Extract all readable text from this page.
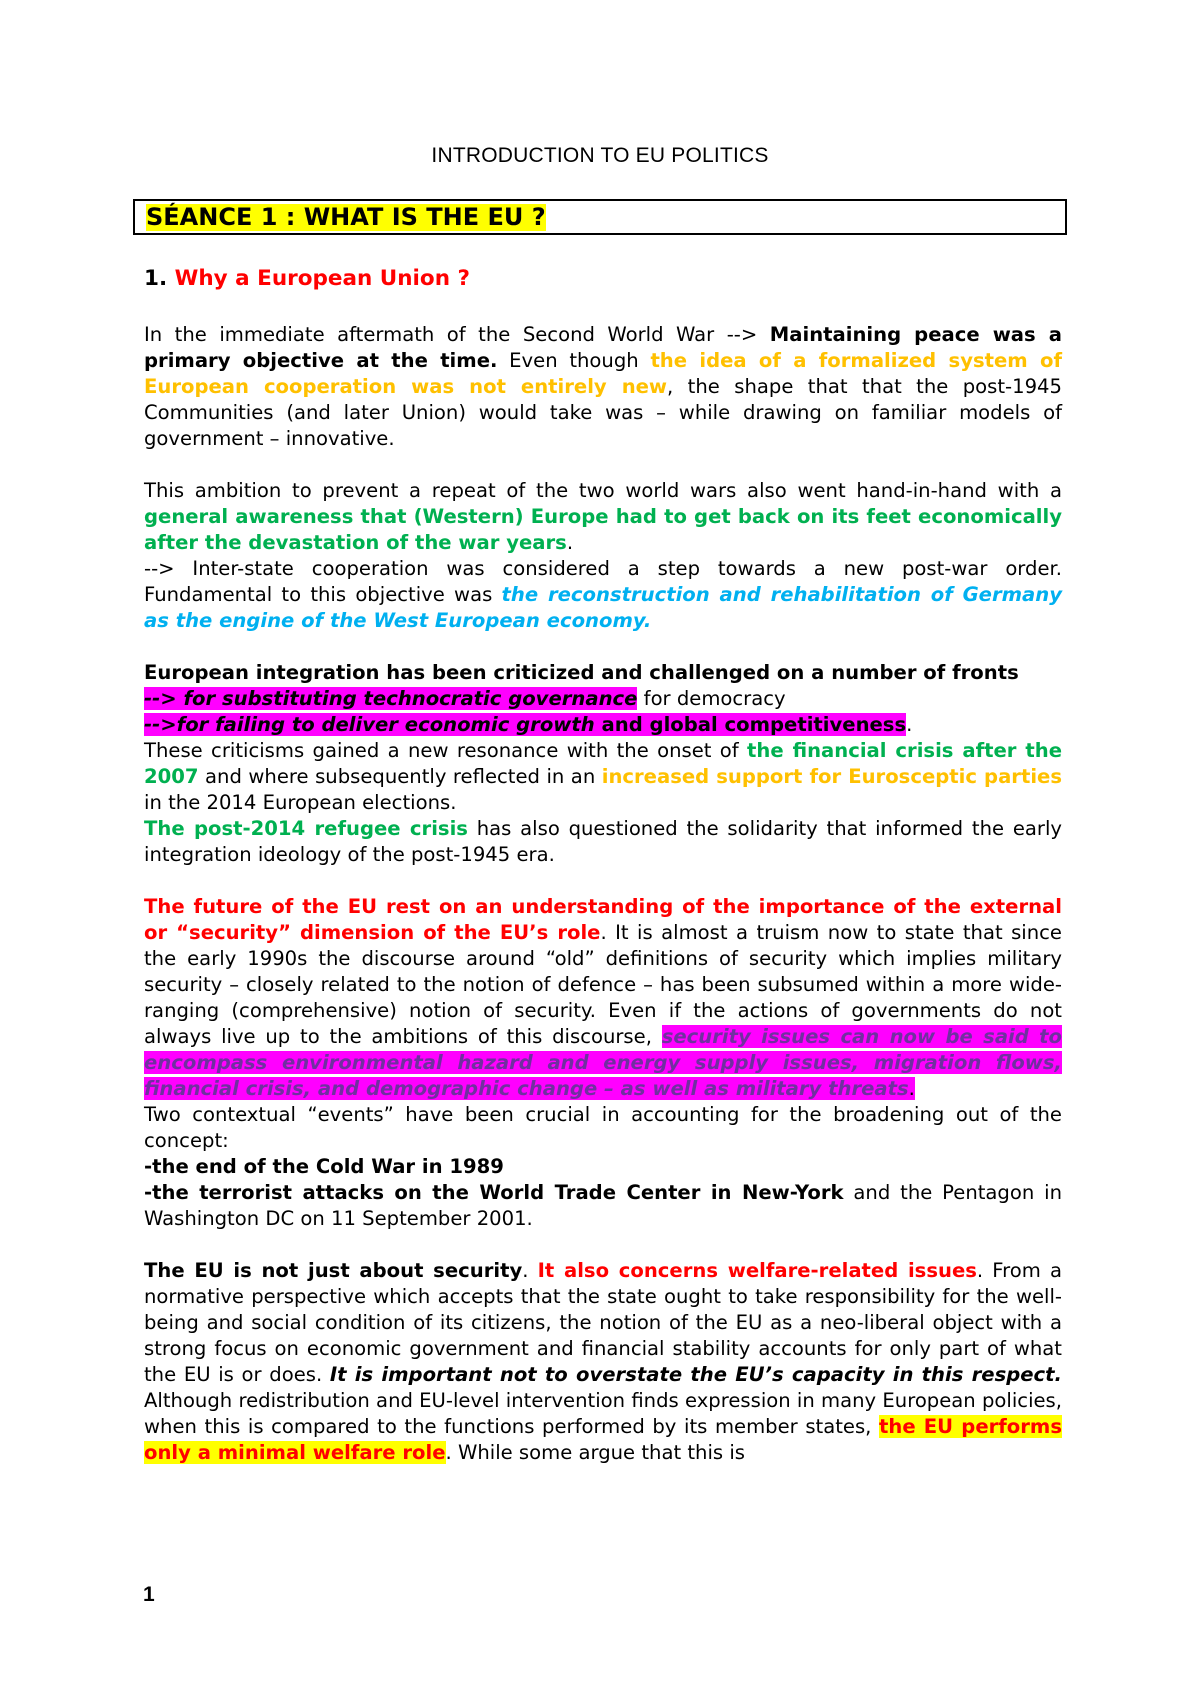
INTRODUCTION TO EU POLITICS
SÉANCE 1 : WHAT IS THE EU ?
1. Why a European Union ?

In the immediate aftermath of the Second World War --> Maintaining peace was a primary objective at the time. Even though the idea of a formalized system of European cooperation was not entirely new, the shape that that the post-1945 Communities (and later Union) would take was – while drawing on familiar models of government – innovative.

This ambition to prevent a repeat of the two world wars also went hand-in-hand with a general awareness that (Western) Europe had to get back on its feet economically after the devastation of the war years.

--> Inter-state cooperation was considered a step towards a new post-war order. Fundamental to this objective was the reconstruction and rehabilitation of Germany as the engine of the West European economy.

European integration has been criticized and challenged on a number of fronts

--> for substituting technocratic governance for democracy

-->for failing to deliver economic growth and global competitiveness.

These criticisms gained a new resonance with the onset of the financial crisis after the 2007 and where subsequently reflected in an increased support for Eurosceptic parties in the 2014 European elections.

The post-2014 refugee crisis has also questioned the solidarity that informed the early integration ideology of the post-1945 era.

The future of the EU rest on an understanding of the importance of the external or “security” dimension of the EU’s role. It is almost a truism now to state that since the early 1990s the discourse around “old” definitions of security which implies military security – closely related to the notion of defence – has been subsumed within a more wide-ranging (comprehensive) notion of security. Even if the actions of governments do not always live up to the ambitions of this discourse, security issues can now be said to encompass environmental hazard and energy supply issues, migration flows, financial crisis, and demographic change – as well as military threats.

Two contextual “events” have been crucial in accounting for the broadening out of the concept:

-the end of the Cold War in 1989

-the terrorist attacks on the World Trade Center in New-York and the Pentagon in Washington DC on 11 September 2001.

The EU is not just about security. It also concerns welfare-related issues. From a normative perspective which accepts that the state ought to take responsibility for the well-being and social condition of its citizens, the notion of the EU as a neo-liberal object with a strong focus on economic government and financial stability accounts for only part of what the EU is or does. It is important not to overstate the EU’s capacity in this respect. Although redistribution and EU-level intervention finds expression in many European policies, when this is compared to the functions performed by its member states, the EU performs only a minimal welfare role. While some argue that this is

1
